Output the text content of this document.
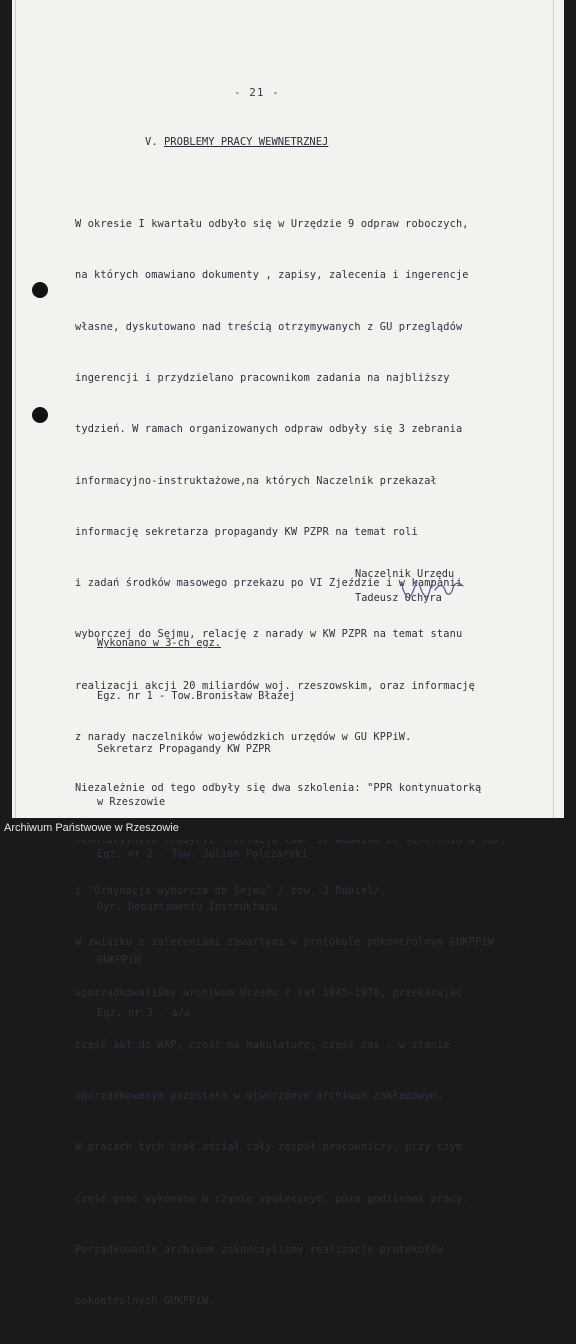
- 21 -
V. PROBLEMY PRACY WEWNETRZNEJ

W okresie I kwartału odbyło się w Urzędzie 9 odpraw roboczych,

na których omawiano dokumenty , zapisy, zalecenia i ingerencje

własne, dyskutowano nad treścią otrzymywanych z GU przeglądów

ingerencji i przydzielano pracownikom zadania na najbliższy

tydzień. W ramach organizowanych odpraw odbyły się 3 zebrania

informacyjno-instruktażowe,na których Naczelnik przekazał

informację sekretarza propagandy KW PZPR na temat roli

i zadań środków masowego przekazu po VI Zjeździe i w kampanii

wyborczej do Sejmu, relację z narady w KW PZPR na temat stanu

realizacji akcji 20 miliardów woj. rzeszowskim, oraz informację

z narady naczelników wojewódzkich urzędów w GU KPPiW.

Niezależnie od tego odbyły się dwa szkolenia: "PPR kontynuatorką

i "Ordynacja wyborcza do Sejmu" / tow. J.Dubiel/.

W związku z zaleceniami zawartymi w protokole pokontrolnym GUKPPiW

uporządkowaliśmy archiwum Urzędu z lat 1945-1970, przekazując

część akt do WAP, część na makulaturę, część zaś - w stanie

uporządkowanym pozostała w utworzonym archiwum zakładowym.

W pracach tych brał udział cały zespół pracowniczy, przy czym

część prac wykonano w czynie społecznym, poza godzinami pracy.

Porządkowanie archiwum zakończyliśmy realizację protokołów

pokontrolnych GUKPPiW.

Naczelnik Urzędu
Tadeusz Ochyra

Wykonano w 3-ch egz.

Egz. nr 1 - Tow.Bronisław Błażej

Sekretarz Propagandy KW PZPR

w Rzeszowie

Egz. nr 2 - Tow. Julian Polczarski

Dyr. Departamentu Instruktażu

GUKPPiW

Egz. nr 3 - a/a

Archiwum Państwowe w Rzeszowie
